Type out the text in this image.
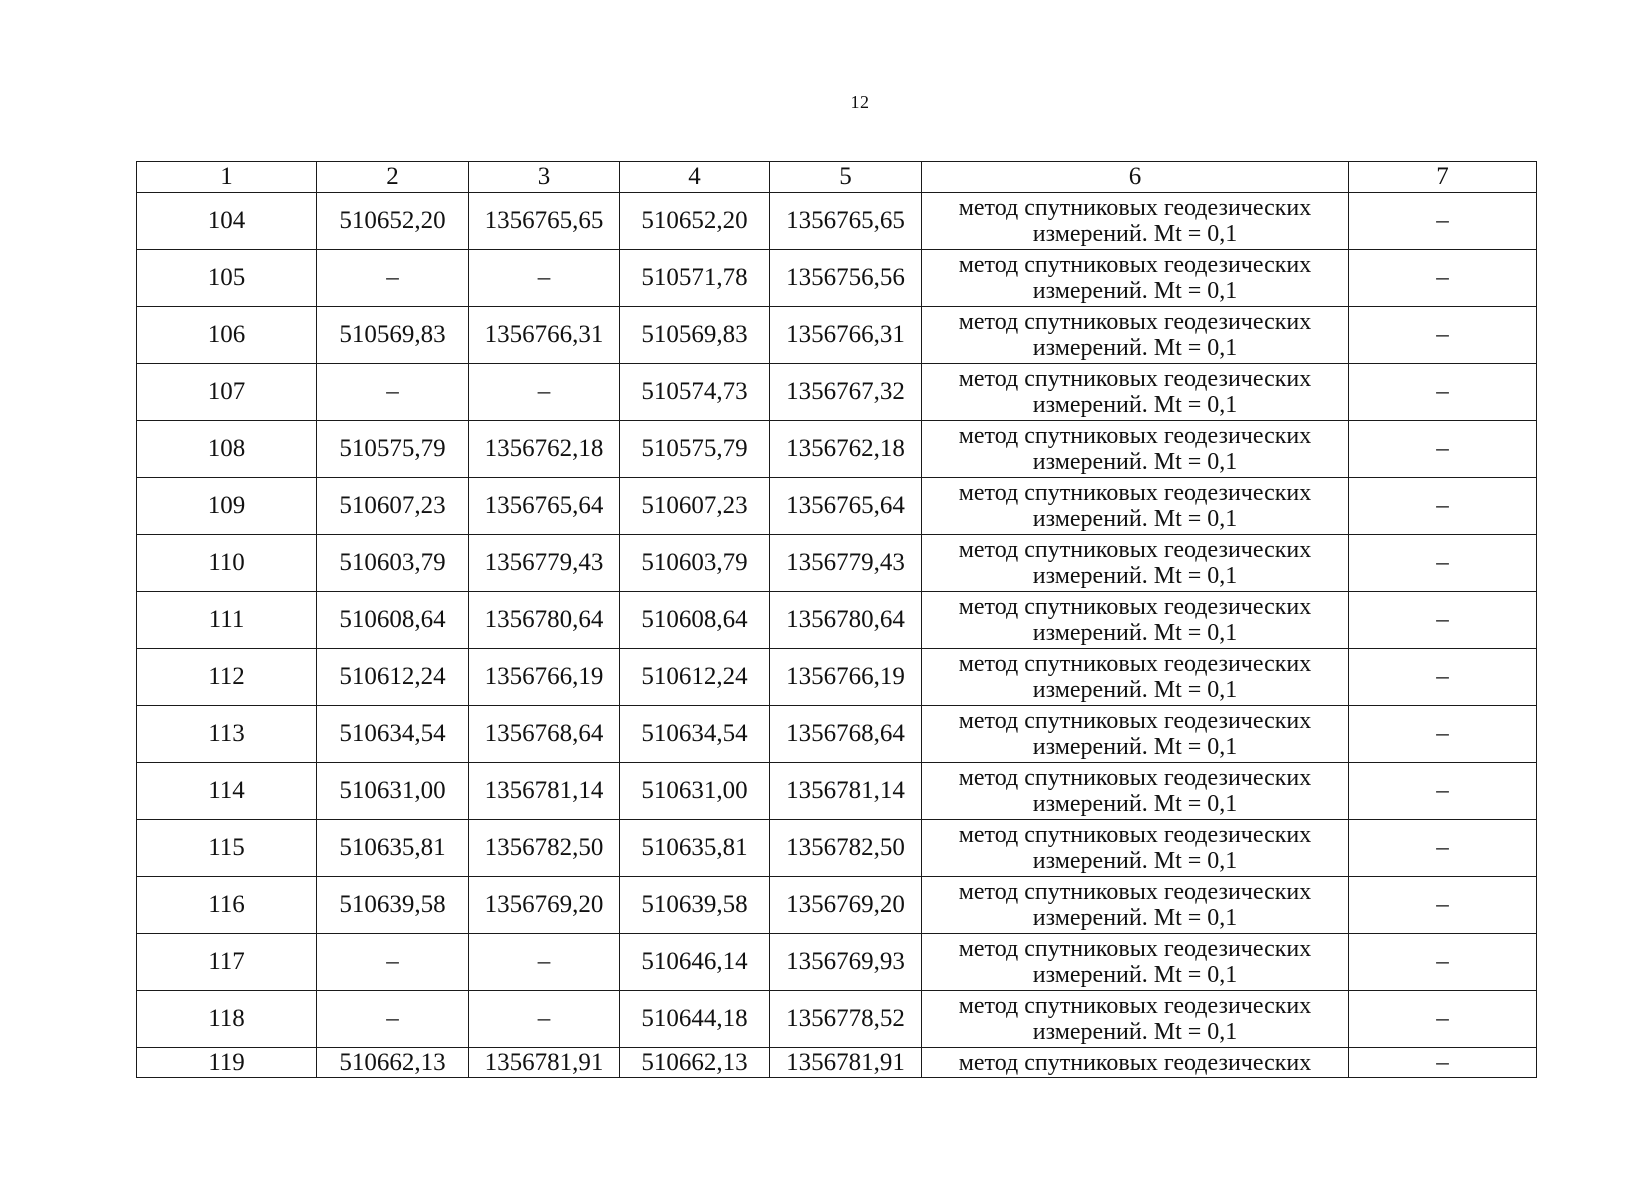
12
1	2	3	4	5	6	7
104	510652,20	1356765,65	510652,20	1356765,65	метод спутниковых геодезических
измерений. Mt = 0,1	–
105	–	–	510571,78	1356756,56	метод спутниковых геодезических
измерений. Mt = 0,1	–
106	510569,83	1356766,31	510569,83	1356766,31	метод спутниковых геодезических
измерений. Mt = 0,1	–
107	–	–	510574,73	1356767,32	метод спутниковых геодезических
измерений. Mt = 0,1	–
108	510575,79	1356762,18	510575,79	1356762,18	метод спутниковых геодезических
измерений. Mt = 0,1	–
109	510607,23	1356765,64	510607,23	1356765,64	метод спутниковых геодезических
измерений. Mt = 0,1	–
110	510603,79	1356779,43	510603,79	1356779,43	метод спутниковых геодезических
измерений. Mt = 0,1	–
111	510608,64	1356780,64	510608,64	1356780,64	метод спутниковых геодезических
измерений. Mt = 0,1	–
112	510612,24	1356766,19	510612,24	1356766,19	метод спутниковых геодезических
измерений. Mt = 0,1	–
113	510634,54	1356768,64	510634,54	1356768,64	метод спутниковых геодезических
измерений. Mt = 0,1	–
114	510631,00	1356781,14	510631,00	1356781,14	метод спутниковых геодезических
измерений. Mt = 0,1	–
115	510635,81	1356782,50	510635,81	1356782,50	метод спутниковых геодезических
измерений. Mt = 0,1	–
116	510639,58	1356769,20	510639,58	1356769,20	метод спутниковых геодезических
измерений. Mt = 0,1	–
117	–	–	510646,14	1356769,93	метод спутниковых геодезических
измерений. Mt = 0,1	–
118	–	–	510644,18	1356778,52	метод спутниковых геодезических
измерений. Mt = 0,1	–
119	510662,13	1356781,91	510662,13	1356781,91	метод спутниковых геодезических	–
